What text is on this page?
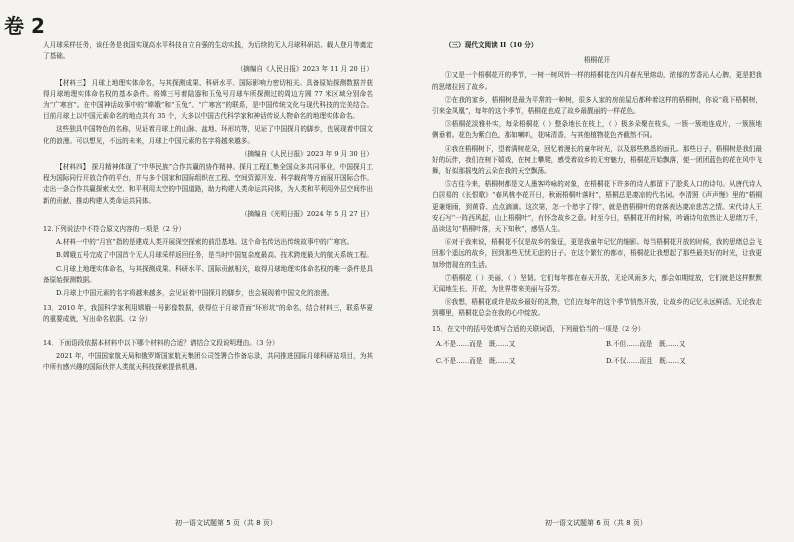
卷 2

人月球采样任务，该任务是我国实现高水平科技自立自强的生动实践，为后续的无人月球科研站、载人登月等奠定了基础。

（摘编自《人民日报》2023 年 11 月 20 日）

【材料三】 月球上地理实体命名，与其探测成果、科研水平、国际影响力密切相关。具备原始探测数据并获得月球地理实体命名权的基本条件。将嫦三号着陆器和玉兔号月球车所探测过的周边方圆 77 米区域分别命名为“广寒宫”。在中国神话故事中的“嫦娥”和“玉兔”、“广寒宫”的联系，是中国传统文化与现代科技的完美结合。目前月球上以中国元素命名的地点共有 35 个，大多以中国古代科学家和神话传说人物命名的地理实体命名。

这些独具中国特色的名称，见证着月球上的山脉、盆地、环形坑等，见证了中国探月的脚步，也展现着中国文化的浪漫。可以想见，不远的未来，月球上中国元素的名字将越来越多。

（摘编自《人民日报》2023 年 9 月 30 日）

【材料四】 探月精神体现了“中华民族”合作共赢的协作精神。探月工程汇集全国众多共同事业，中国探月工程为国际同行开放合作的平台，并与多个国家和国际组织在工程、空间资源开发、科学载荷等方面展开国际合作。走出一条合作共赢探索太空、和平利用太空的中国道路，助力构建人类命运共同体，为人类和平利用外层空间作出新的贡献，推动构建人类命运共同体。

（摘编自《光明日报》2024 年 5 月 27 日）

12.下列说法中不符合原文内容的一项是（2 分）

A.材料一中的“月宫”指的是建成人类开展深空探索的前沿基地。这个命名传达出传统故事中的广寒宫。

B.嫦娥五号完成了中国首个无人月球采样返回任务，是当时中国复杂度最高、技术跨度最大的航天系统工程。

C.月球上地理实体命名，与其探测成果、科研水平、国际贡献相关，取得月球地理实体命名权的唯一条件是具备原始探测数据。

D.月球上中国元素的名字将越来越多，会见证着中国探月的脚步，也会展现着中国文化的浪漫。

13．2010 年，我国科学家利用嫦娥一号影像数据，获得位于月球背面“环形坑”的命名，结合材料三，联系华夏的重要成就，写出命名依据。（2 分）

14．下面语段依据本材料中以下哪个材料的合适？请结合文段说明理由。（3 分）

2021 年，中国国家航天局和俄罗斯国家航天集团公司签署合作备忘录，共同推进国际月球科研站项目，为其中所有感兴趣的国际伙伴人类航天科技探索提供机遇。

（三）现代文阅读 II（10 分）

梧桐花开

①又是一个梧桐花开的季节，一树一树风铃一样的梧桐花在四月春光里熔动，浓郁的芳香沁人心脾，更是把我的思绪拉回了故乡。

②在我的家乡，梧桐树是最为平常的一种树，很多人家的房前屋后都种着这样的梧桐树，你说“栽下梧桐树，引来金凤凰”，每年的这个季节，梧桐花也成了故乡最靓丽的一样花色。

③梧桐花淡雅朴实，每朵梧桐花（ ）整条地长在枝上，（ ）极多朵聚在枝头，一簇一簇地连成片，一簇簇地侧垂着。花色为紫白色，那如喇叭，花味清香，与其他植物花色齐截然不同。

④我在梧桐树下，望着满树花朵，回忆着漫长的童年时光，以及那些熟悉的面孔。那些日子，梧桐树是我们最好的玩伴，我们在树下嬉戏，在树上攀爬，感受着故乡的无穷魅力，梧桐花开始飘落，便一团团蓝色的花在风中飞舞，好似那摇曳的云朵在我的天空飘荡。

⑤古往今来，梧桐树都是文人墨客吟咏的对象，在梧桐花下许多的诗人都留下了脍炙人口的诗句。从唐代诗人白居易的《长恨歌》“春风桃李花开日，秋雨梧桐叶落时”，梧桐总是凄凉的代名词。李清照《声声慢》里的“梧桐更兼细雨，到黄昏、点点滴滴。这次第，怎一个愁字了得”，就是借梧桐叶的衰落表达凄凉悲苦之情。宋代诗人王安石写“一阵西风起，山上梧桐叶”，有怀念故乡之意。时至今日，梧桐花开的时候，吟诵诗句依然让人思绪万千，品读这句“梧桐叶落，天下知秋”，感悟人生。

⑥对于我来说，梧桐花不仅是故乡的象征，更是我童年记忆的缩影。每当梧桐花开放的时候，我的思绪总会飞回那个遥远的故乡，回到那些无忧无虑的日子。在这个繁忙的都市，梧桐花让我想起了那些最美好的时光，让我更加珍惜现在的生活。

⑦梧桐花（ ）美丽，（ ）坚韧。它们每年都在春天开放，无论风雨多大，都会如期绽放，它们就是这样默默无闻地生长、开花，为世界带来美丽与芬芳。

⑧我想，梧桐花或许是故乡最好的礼物，它们在每年的这个季节悄然开放，让故乡的记忆永远鲜活。无论我走到哪里，梧桐花总会在我的心中绽放。

15．在文中的括号处填写合适的关联词语，下列最恰当的一项是（2 分）

A.不是……而是　既……又	B.不但……而是　既……又
C.不是……而是　既……又	D.不仅……而且　既……又
初一语文试题第 5 页（共 8 页）	初一语文试题第 6 页（共 8 页）
